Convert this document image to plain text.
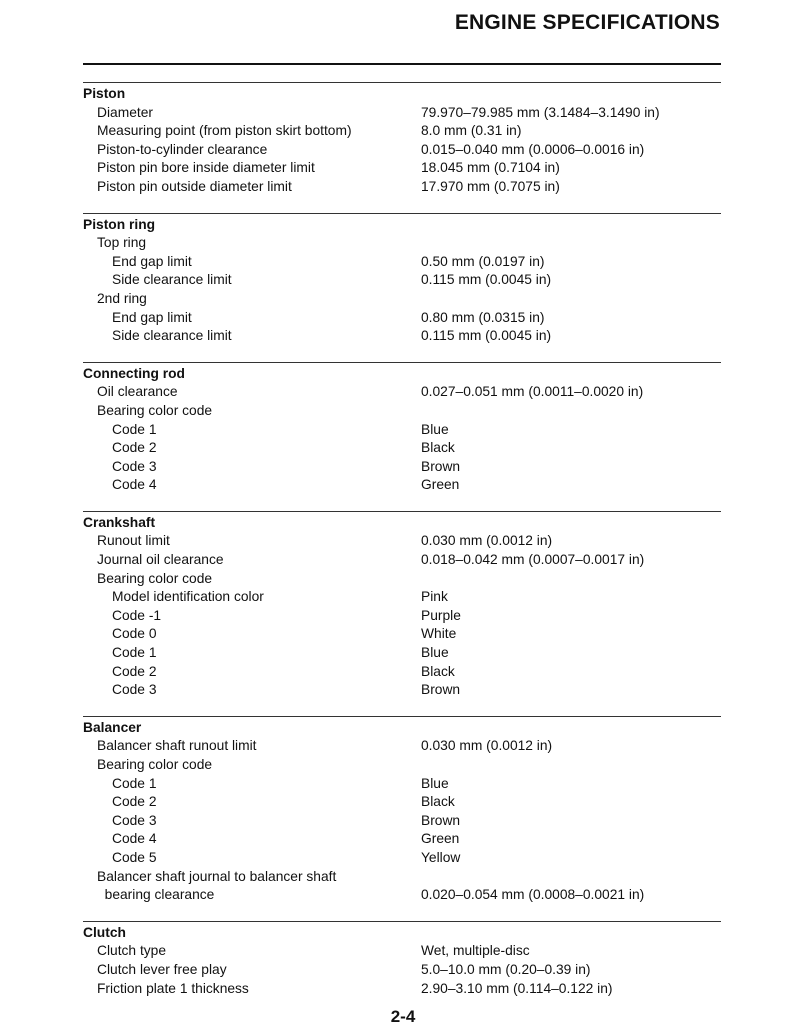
ENGINE SPECIFICATIONS
Piston
Diameter	79.970–79.985 mm (3.1484–3.1490 in)
Measuring point (from piston skirt bottom)	8.0 mm (0.31 in)
Piston-to-cylinder clearance	0.015–0.040 mm (0.0006–0.0016 in)
Piston pin bore inside diameter limit	18.045 mm (0.7104 in)
Piston pin outside diameter limit	17.970 mm (0.7075 in)
Piston ring
Top ring
End gap limit	0.50 mm (0.0197 in)
Side clearance limit	0.115 mm (0.0045 in)
2nd ring
End gap limit	0.80 mm (0.0315 in)
Side clearance limit	0.115 mm (0.0045 in)
Connecting rod
Oil clearance	0.027–0.051 mm (0.0011–0.0020 in)
Bearing color code
Code 1	Blue
Code 2	Black
Code 3	Brown
Code 4	Green
Crankshaft
Runout limit	0.030 mm (0.0012 in)
Journal oil clearance	0.018–0.042 mm (0.0007–0.0017 in)
Bearing color code
Model identification color	Pink
Code -1	Purple
Code 0	White
Code 1	Blue
Code 2	Black
Code 3	Brown
Balancer
Balancer shaft runout limit	0.030 mm (0.0012 in)
Bearing color code
Code 1	Blue
Code 2	Black
Code 3	Brown
Code 4	Green
Code 5	Yellow
Balancer shaft journal to balancer shaft
bearing clearance	0.020–0.054 mm (0.0008–0.0021 in)
Clutch
Clutch type	Wet, multiple-disc
Clutch lever free play	5.0–10.0 mm (0.20–0.39 in)
Friction plate 1 thickness	2.90–3.10 mm (0.114–0.122 in)
2-4
